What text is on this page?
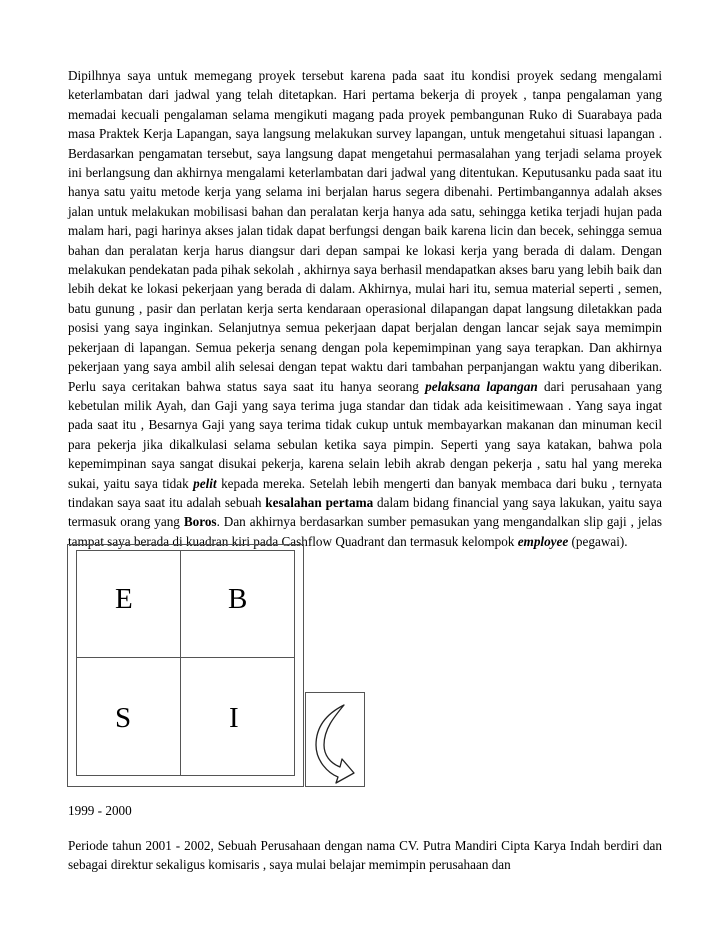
Dipilhnya saya untuk memegang proyek tersebut karena pada saat itu kondisi proyek sedang mengalami keterlambatan dari jadwal yang telah ditetapkan. Hari pertama bekerja di proyek , tanpa pengalaman yang memadai kecuali pengalaman selama mengikuti magang pada proyek pembangunan Ruko di Suarabaya pada masa Praktek Kerja Lapangan, saya langsung melakukan survey lapangan, untuk mengetahui situasi lapangan . Berdasarkan pengamatan tersebut, saya langsung dapat mengetahui permasalahan yang terjadi selama proyek ini berlangsung dan akhirnya mengalami keterlambatan dari jadwal yang ditentukan. Keputusanku pada saat itu hanya satu yaitu metode kerja yang selama ini berjalan harus segera dibenahi. Pertimbangannya adalah akses jalan untuk melakukan mobilisasi bahan dan peralatan kerja hanya ada satu, sehingga ketika terjadi hujan pada malam hari, pagi harinya akses jalan tidak dapat berfungsi dengan baik karena licin dan becek, sehingga semua bahan dan peralatan kerja harus diangsur dari depan sampai ke lokasi kerja yang berada di dalam. Dengan melakukan pendekatan pada pihak sekolah , akhirnya saya berhasil mendapatkan akses baru yang lebih baik dan lebih dekat ke lokasi pekerjaan yang berada di dalam. Akhirnya, mulai hari itu, semua material seperti , semen, batu gunung , pasir dan perlatan kerja serta kendaraan operasional dilapangan dapat langsung diletakkan pada posisi yang saya inginkan. Selanjutnya semua pekerjaan dapat berjalan dengan lancar sejak saya memimpin pekerjaan di lapangan. Semua pekerja senang dengan pola kepemimpinan yang saya terapkan. Dan akhirnya pekerjaan yang saya ambil alih selesai dengan tepat waktu dari tambahan perpanjangan waktu yang diberikan. Perlu saya ceritakan bahwa status saya saat itu hanya seorang pelaksana lapangan dari perusahaan yang kebetulan milik Ayah, dan Gaji yang saya terima juga standar dan tidak ada keisitimewaan . Yang saya ingat pada saat itu , Besarnya Gaji yang saya terima tidak cukup untuk membayarkan makanan dan minuman kecil para pekerja jika dikalkulasi selama sebulan ketika saya pimpin. Seperti yang saya katakan, bahwa pola kepemimpinan saya sangat disukai pekerja, karena selain lebih akrab dengan pekerja , satu hal yang mereka sukai, yaitu saya tidak pelit kepada mereka. Setelah lebih mengerti dan banyak membaca dari buku , ternyata tindakan saya saat itu adalah sebuah kesalahan pertama dalam bidang financial yang saya lakukan, yaitu saya termasuk orang yang Boros. Dan akhirnya berdasarkan sumber pemasukan yang mengandalkan slip gaji , jelas tampat saya berada di kuadran kiri pada Cashflow Quadrant dan termasuk kelompok employee (pegawai).

E	B
S	I

1999 - 2000

Periode tahun 2001 - 2002, Sebuah Perusahaan dengan nama CV. Putra Mandiri Cipta Karya Indah berdiri dan sebagai direktur sekaligus komisaris , saya mulai belajar memimpin perusahaan dan
